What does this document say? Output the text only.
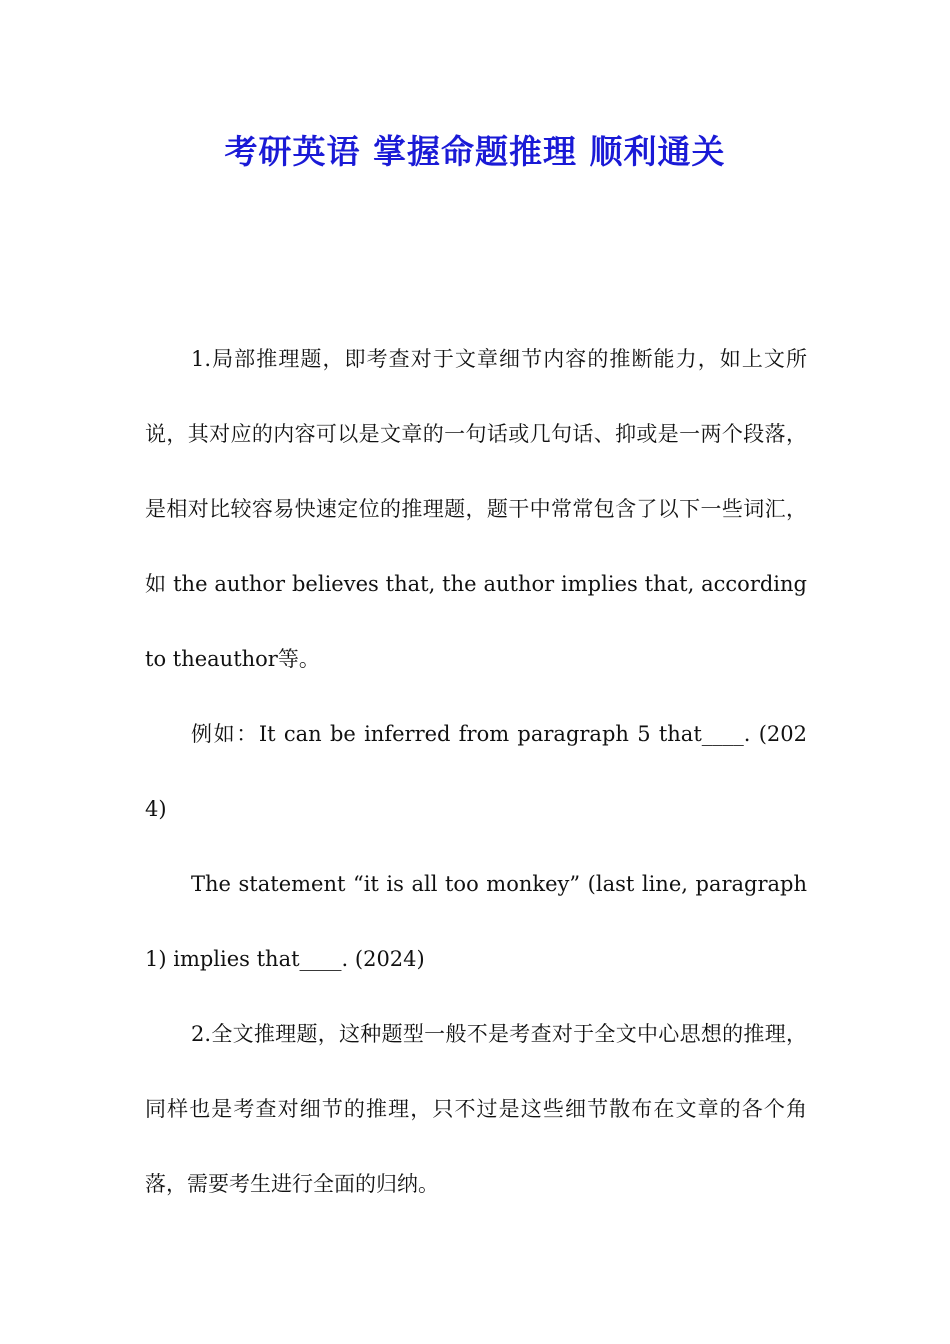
考研英语 掌握命题推理 顺利通关

1.局部推理题，即考查对于文章细节内容的推断能力，如上文所说，其对应的内容可以是文章的一句话或几句话、抑或是一两个段落，是相对比较容易快速定位的推理题，题干中常常包含了以下一些词汇，如 the author believes that, the author implies that, according to theauthor等。

例如：It can be inferred from paragraph 5 that____. (2024)

The statement “it is all too monkey” (last line, paragraph1) implies that____. (2024)

2.全文推理题，这种题型一般不是考查对于全文中心思想的推理，同样也是考查对细节的推理，只不过是这些细节散布在文章的各个角落，需要考生进行全面的归纳。
